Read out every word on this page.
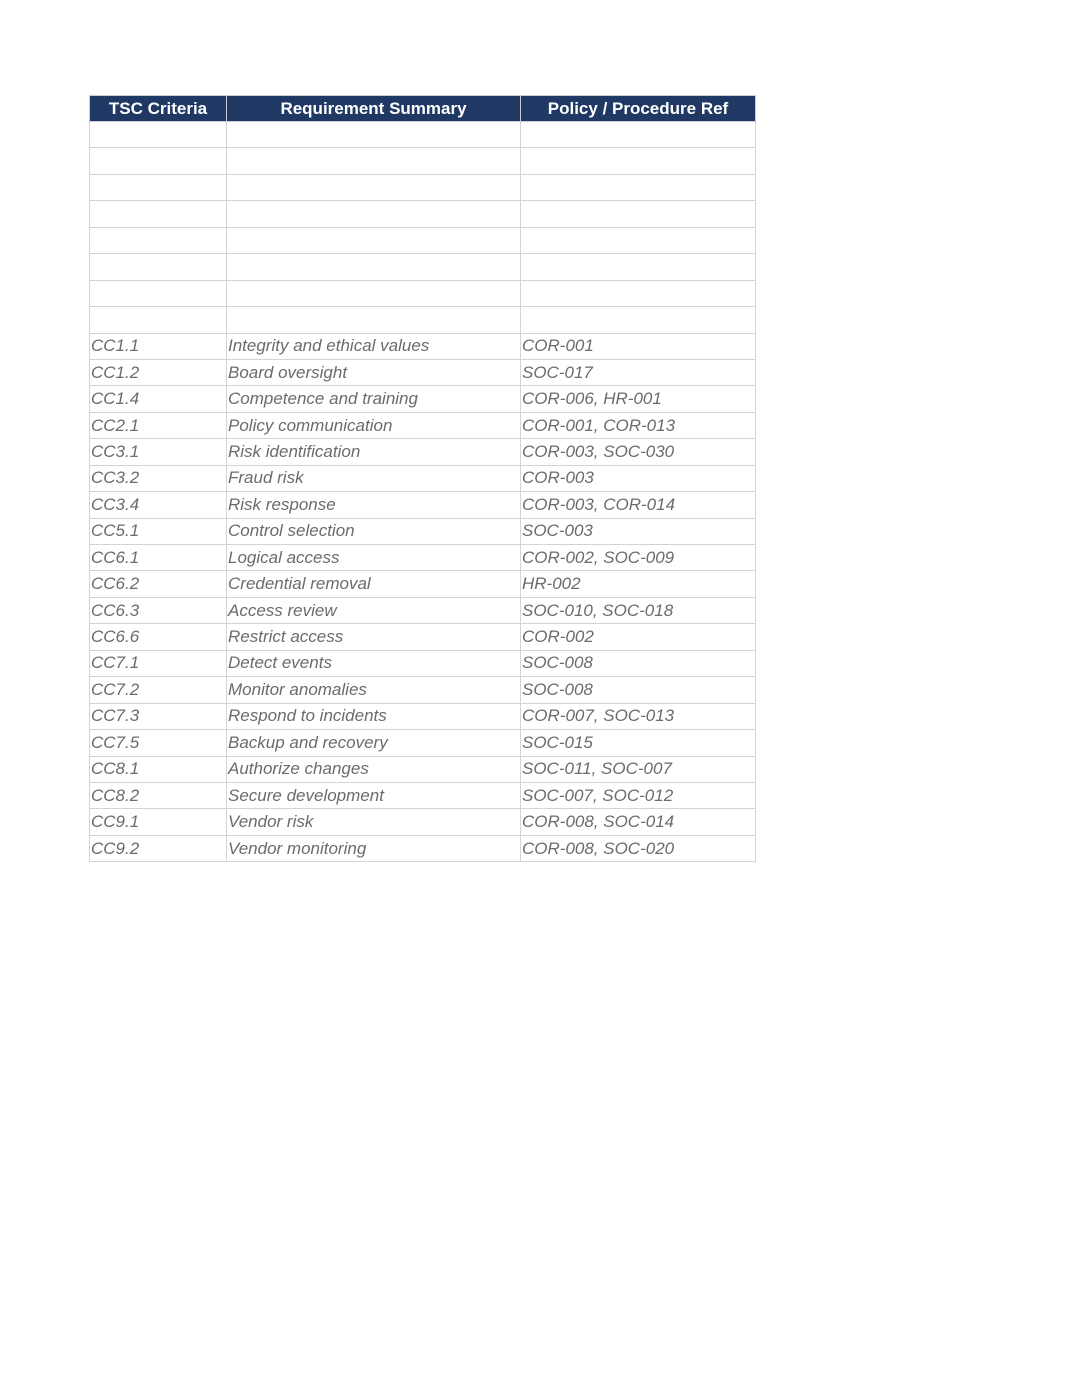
TSC Criteria	Requirement Summary	Policy / Procedure Ref

CC1.1	Integrity and ethical values	COR-001
CC1.2	Board oversight	SOC-017
CC1.4	Competence and training	COR-006, HR-001
CC2.1	Policy communication	COR-001, COR-013
CC3.1	Risk identification	COR-003, SOC-030
CC3.2	Fraud risk	COR-003
CC3.4	Risk response	COR-003, COR-014
CC5.1	Control selection	SOC-003
CC6.1	Logical access	COR-002, SOC-009
CC6.2	Credential removal	HR-002
CC6.3	Access review	SOC-010, SOC-018
CC6.6	Restrict access	COR-002
CC7.1	Detect events	SOC-008
CC7.2	Monitor anomalies	SOC-008
CC7.3	Respond to incidents	COR-007, SOC-013
CC7.5	Backup and recovery	SOC-015
CC8.1	Authorize changes	SOC-011, SOC-007
CC8.2	Secure development	SOC-007, SOC-012
CC9.1	Vendor risk	COR-008, SOC-014
CC9.2	Vendor monitoring	COR-008, SOC-020
